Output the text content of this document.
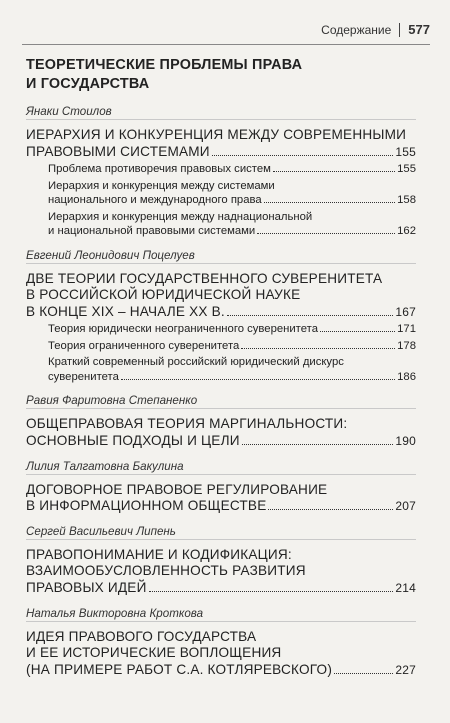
Содержание 577
ТЕОРЕТИЧЕСКИЕ ПРОБЛЕМЫ ПРАВА
И ГОСУДАРСТВА
Янаки Стоилов
ИЕРАРХИЯ И КОНКУРЕНЦИЯ МЕЖДУ СОВРЕМЕННЫМИ
ПРАВОВЫМИ СИСТЕМАМИ	155
Проблема противоречия правовых систем	155
Иерархия и конкуренция между системами
национального и международного права	158
Иерархия и конкуренция между наднациональной
и национальной правовыми системами	162
Евгений Леонидович Поцелуев
ДВЕ ТЕОРИИ ГОСУДАРСТВЕННОГО СУВЕРЕНИТЕТА
В РОССИЙСКОЙ ЮРИДИЧЕСКОЙ НАУКЕ
В КОНЦЕ XIX – НАЧАЛЕ XX В.	167
Теория юридически неограниченного суверенитета	171
Теория ограниченного суверенитета	178
Краткий современный российский юридический дискурс
суверенитета	186
Равия Фаритовна Степаненко
ОБЩЕПРАВОВАЯ ТЕОРИЯ МАРГИНАЛЬНОСТИ:
ОСНОВНЫЕ ПОДХОДЫ И ЦЕЛИ	190
Лилия Талгатовна Бакулина
ДОГОВОРНОЕ ПРАВОВОЕ РЕГУЛИРОВАНИЕ
В ИНФОРМАЦИОННОМ ОБЩЕСТВЕ	207
Сергей Васильевич Липень
ПРАВОПОНИМАНИЕ И КОДИФИКАЦИЯ:
ВЗАИМООБУСЛОВЛЕННОСТЬ РАЗВИТИЯ
ПРАВОВЫХ ИДЕЙ	214
Наталья Викторовна Кроткова
ИДЕЯ ПРАВОВОГО ГОСУДАРСТВА
И ЕЕ ИСТОРИЧЕСКИЕ ВОПЛОЩЕНИЯ
(НА ПРИМЕРЕ РАБОТ С.А. КОТЛЯРЕВСКОГО)	227
